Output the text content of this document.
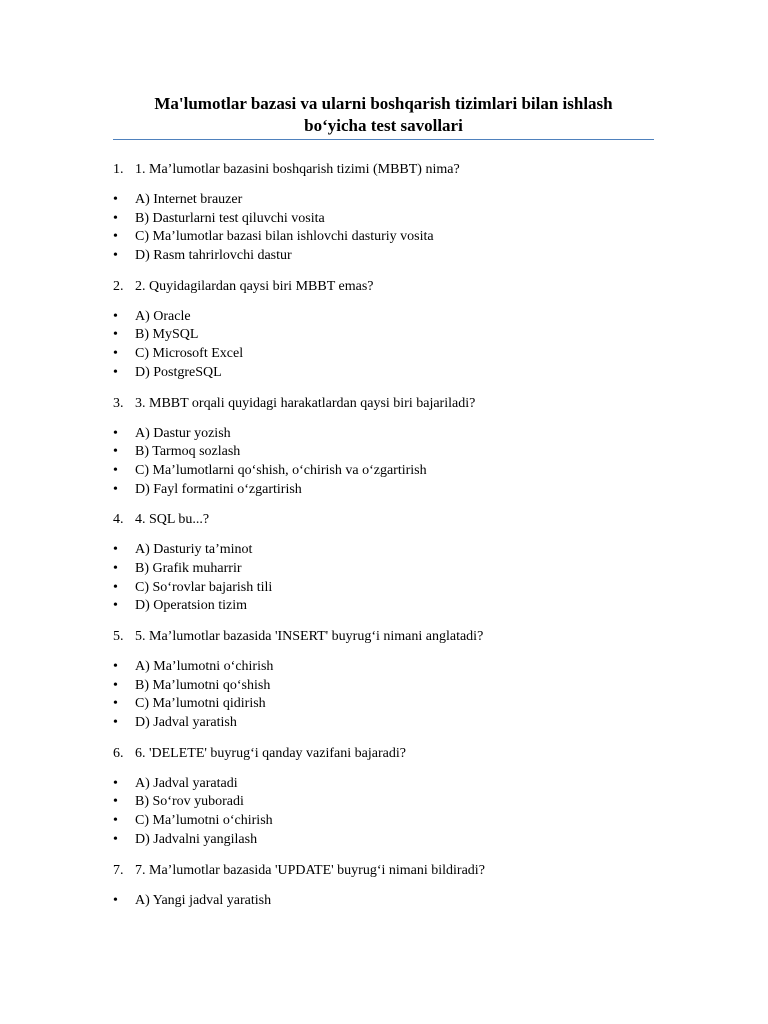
Ma'lumotlar bazasi va ularni boshqarish tizimlari bilan ishlash
bo‘yicha test savollari
1. 1. Ma’lumotlar bazasini boshqarish tizimi (MBBT) nima?
• A) Internet brauzer
• B) Dasturlarni test qiluvchi vosita
• C) Ma’lumotlar bazasi bilan ishlovchi dasturiy vosita
• D) Rasm tahrirlovchi dastur
2. 2. Quyidagilardan qaysi biri MBBT emas?
• A) Oracle
• B) MySQL
• C) Microsoft Excel
• D) PostgreSQL
3. 3. MBBT orqali quyidagi harakatlardan qaysi biri bajariladi?
• A) Dastur yozish
• B) Tarmoq sozlash
• C) Ma’lumotlarni qo‘shish, o‘chirish va o‘zgartirish
• D) Fayl formatini o‘zgartirish
4. 4. SQL bu...?
• A) Dasturiy ta’minot
• B) Grafik muharrir
• C) So‘rovlar bajarish tili
• D) Operatsion tizim
5. 5. Ma’lumotlar bazasida 'INSERT' buyrug‘i nimani anglatadi?
• A) Ma’lumotni o‘chirish
• B) Ma’lumotni qo‘shish
• C) Ma’lumotni qidirish
• D) Jadval yaratish
6. 6. 'DELETE' buyrug‘i qanday vazifani bajaradi?
• A) Jadval yaratadi
• B) So‘rov yuboradi
• C) Ma’lumotni o‘chirish
• D) Jadvalni yangilash
7. 7. Ma’lumotlar bazasida 'UPDATE' buyrug‘i nimani bildiradi?
• A) Yangi jadval yaratish
